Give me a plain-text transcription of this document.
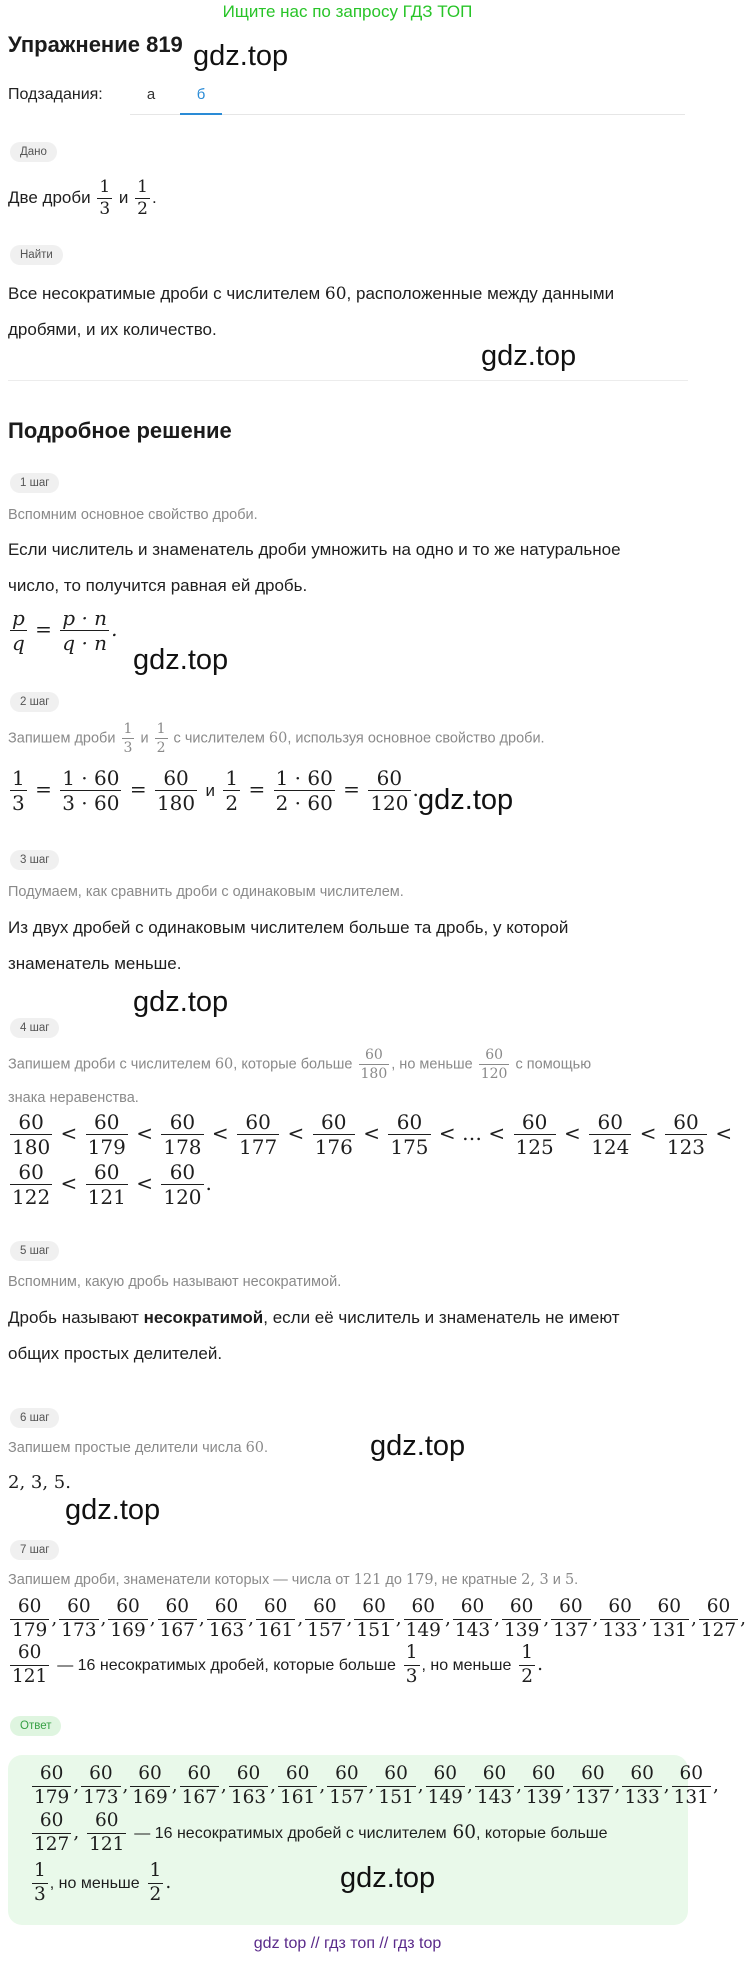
Ищите нас по запросу ГДЗ ТОП
Упражнение 819 gdz.top
Подзадания:	а	б
Дано
Две дроби $\frac{1}{3}$ и $\frac{1}{2}$ .
Найти
Все несократимые дроби с числителем 60, расположенные между данными
дробями, и их количество.
gdz.top
Подробное решение
1 шаг
Вспомним основное свойство дроби.
Если числитель и знаменатель дроби умножить на одно и то же натуральное
число, то получится равная ей дробь.
$\frac{p}{q} = \frac{p \cdot n}{q \cdot n}$ .
gdz.top
2 шаг
Запишем дроби $\frac{1}{3}$ и $\frac{1}{2}$ с числителем 60, используя основное свойство дроби.
$\frac{1}{3} = \frac{1 \cdot 60}{3 \cdot 60} = \frac{60}{180}$ и $\frac{1}{2} = \frac{1 \cdot 60}{2 \cdot 60} = \frac{60}{120}$ . gdz.top
3 шаг
Подумаем, как сравнить дроби с одинаковым числителем.
Из двух дробей с одинаковым числителем больше та дробь, у которой
знаменатель меньше.
gdz.top
4 шаг
Запишем дроби с числителем 60, которые больше $\frac{60}{180}$ , но меньше $\frac{60}{120}$ с помощью
знака неравенства.
$\frac{60}{180} < \frac{60}{179} < \frac{60}{178} < \frac{60}{177} < \frac{60}{176} < \frac{60}{175}$ < … < $\frac{60}{125} < \frac{60}{124} < \frac{60}{123}$ <
$\frac{60}{122} < \frac{60}{121} < \frac{60}{120}$ .
5 шаг
Вспомним, какую дробь называют несократимой.
Дробь называют несократимой, если её числитель и знаменатель не имеют
общих простых делителей.
6 шаг
Запишем простые делители числа 60.	gdz.top
2, 3, 5.
gdz.top
7 шаг
Запишем дроби, знаменатели которых — числа от 121 до 179, не кратные 2, 3 и 5.
$\frac{60}{179}$ , $\frac{60}{173}$ , $\frac{60}{169}$ , $\frac{60}{167}$ , $\frac{60}{163}$ , $\frac{60}{161}$ , $\frac{60}{157}$ , $\frac{60}{151}$ , $\frac{60}{149}$ , $\frac{60}{143}$ , $\frac{60}{139}$ , $\frac{60}{137}$ , $\frac{60}{133}$ , $\frac{60}{131}$ , $\frac{60}{127}$ ,
$\frac{60}{121}$ — 16 несократимых дробей, которые больше $\frac{1}{3}$ , но меньше $\frac{1}{2}$ .
Ответ
$\frac{60}{179}$ , $\frac{60}{173}$ , $\frac{60}{169}$ , $\frac{60}{167}$ , $\frac{60}{163}$ , $\frac{60}{161}$ , $\frac{60}{157}$ , $\frac{60}{151}$ , $\frac{60}{149}$ , $\frac{60}{143}$ , $\frac{60}{139}$ , $\frac{60}{137}$ , $\frac{60}{133}$ , $\frac{60}{131}$ ,
$\frac{60}{127}$ , $\frac{60}{121}$ — 16 несократимых дробей с числителем 60, которые больше
$\frac{1}{3}$ , но меньше $\frac{1}{2}$ .	gdz.top
gdz top // гдз топ // гдз top
